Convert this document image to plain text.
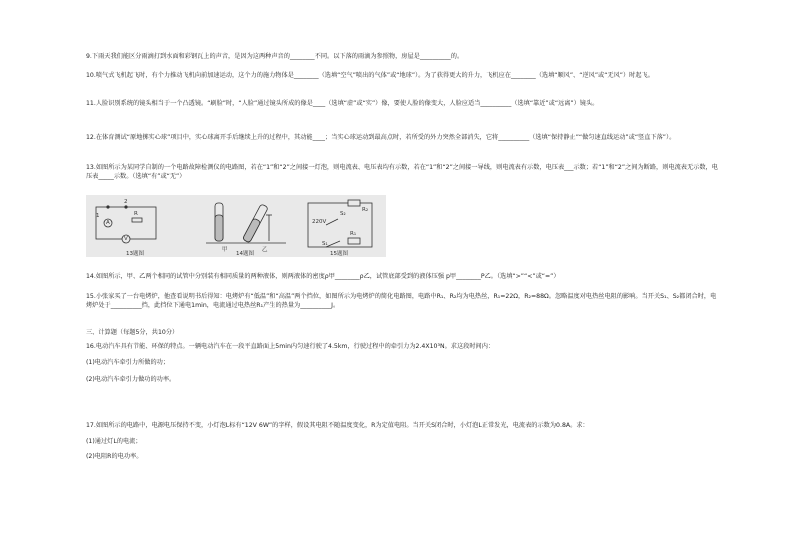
9.下雨天我们能区分雨滴打到水面和彩钢瓦上的声音，是因为这两种声音的________不同。以下落的雨滴为参照物，房屋是__________的。
10.喷气式飞机起飞时，有个力推动飞机向前加速运动，这个力的施力物体是________（选填“空气”喷出的气体”或“地球”）。为了获得更大的升力，飞机应在________（选填“顺风”、“逆风”或“无风”）时起飞。
11.人脸识别系统的镜头相当于一个凸透镜。“刷脸”时，“人脸”通过镜头所成的像是____（选填“虚”或“实”）像，要使人脸的像变大，人脸应适当__________（选填“靠近”或“远离”）镜头。
12.在体育测试“原地掷实心球”项目中，实心球离开手后继续上升的过程中，其动能____；当实心球运动到最高点时，若所受的外力突然全部消失，它将__________（选填“保持静止”“做匀速直线运动”或“竖直下落”）。
13.如图所示为某同学自制的一个电路故障检测仪的电路图，若在“1”和“2”之间接一灯泡，则电流表、电压表均有示数，若在“1”和“2”之间接一导线，则电流表有示数，电压表___示数；若“1”和“2”之间为断路，则电流表无示数，电压表_____示数。（选填“有”或“无”）
1
2
R
A
V
甲	乙
220V
S₂
R₂
S₁
R₁
13题图	14题图	15题图
14.如图所示，甲、乙两个相同的试管中分别装有相同质量的两种液体，则两液体的密度ρ甲________ρ乙，试管底部受到的液体压强 p甲________P乙。（选填“>”“<”或“=”）
15.小张家买了一台电烤炉，他查看说明书后得知：电烤炉有“低温”和“高温”两个挡位，如图所示为电烤炉的简化电路图，电路中R₁、R₂均为电热丝，R₁=22Ω，R₂=88Ω。忽略温度对电热丝电阻的影响。当开关S₁、S₂都闭合时，电烤炉处于__________挡，此挡位下通电1min，电流通过电热丝R₁产生的热量为__________J。
三、计算题（每题5分，共10分）
16.电动汽车具有节能、环保的特点。一辆电动汽车在一段平直路面上5min内匀速行驶了4.5km，行驶过程中的牵引力为2.4X10³N。求这段时间内：
(1)电动汽车牵引力所做的功；
(2)电动汽车牵引力做功的功率。
17.如图所示的电路中，电源电压保持不变，小灯泡L标有“12V 6W”的字样，假设其电阻不随温度变化，R为定值电阻。当开关S闭合时，小灯泡L正常发光，电流表的示数为0.8A。求：
(1)通过灯L的电流；
(2)电阻R的电功率。
